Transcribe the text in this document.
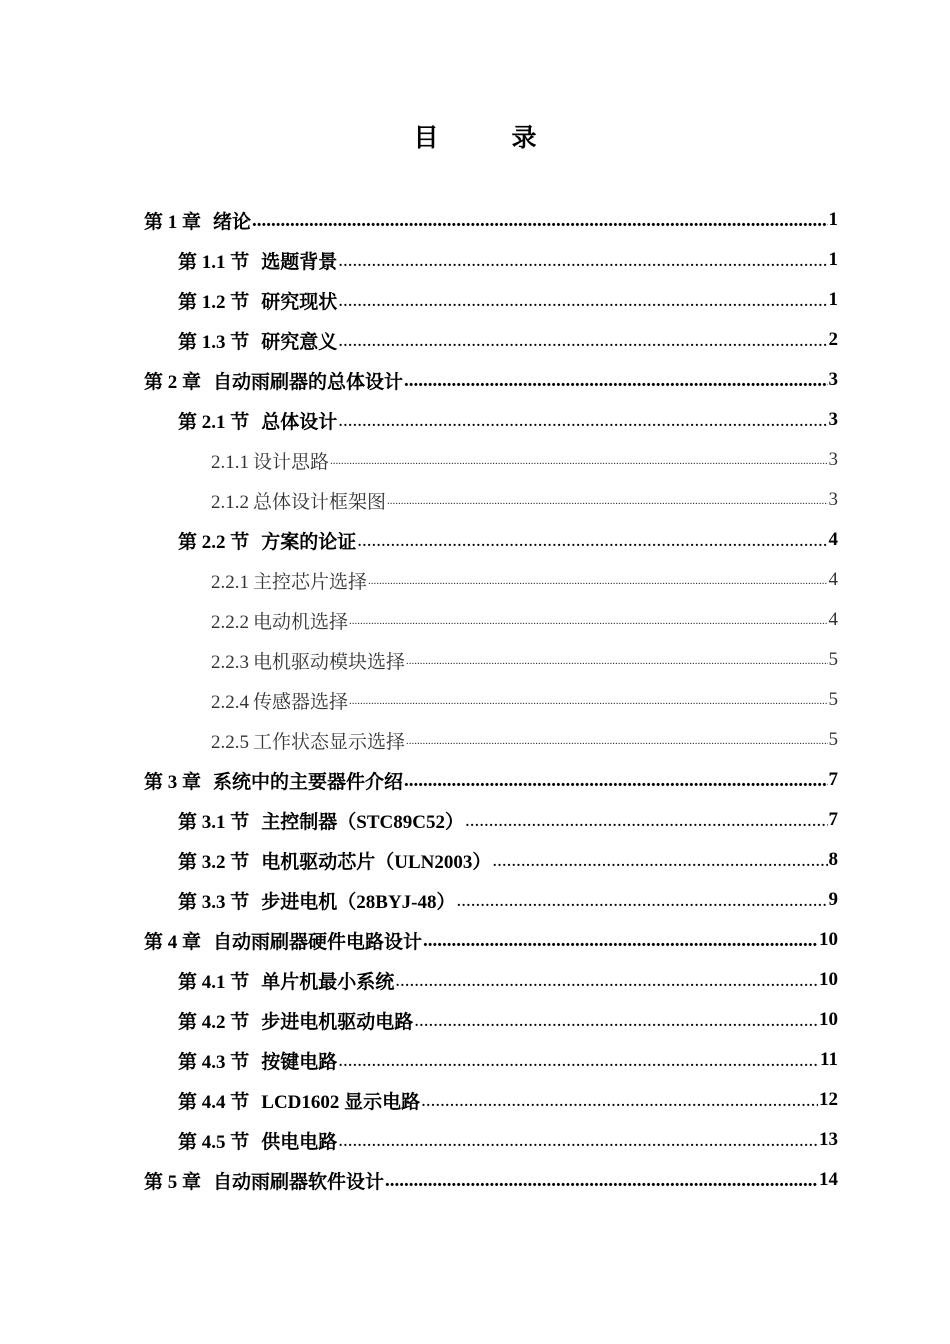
目　录
第 1 章 绪论 .....	1
第 1.1 节 选题背景 .....	1
第 1.2 节 研究现状 .....	1
第 1.3 节 研究意义 .....	2
第 2 章 自动雨刷器的总体设计 .....	3
第 2.1 节 总体设计 .....	3
2.1.1 设计思路 .....	3
2.1.2 总体设计框架图 .....	3
第 2.2 节 方案的论证 .....	4
2.2.1 主控芯片选择 .....	4
2.2.2 电动机选择 .....	4
2.2.3 电机驱动模块选择 .....	5
2.2.4 传感器选择 .....	5
2.2.5 工作状态显示选择 .....	5
第 3 章 系统中的主要器件介绍 .....	7
第 3.1 节 主控制器（STC89C52） .....	7
第 3.2 节 电机驱动芯片（ULN2003） .....	8
第 3.3 节 步进电机（28BYJ-48） .....	9
第 4 章 自动雨刷器硬件电路设计 .....	10
第 4.1 节 单片机最小系统 .....	10
第 4.2 节 步进电机驱动电路 .....	10
第 4.3 节 按键电路 .....	11
第 4.4 节 LCD1602 显示电路 .....	12
第 4.5 节 供电电路 .....	13
第 5 章 自动雨刷器软件设计 .....	14
